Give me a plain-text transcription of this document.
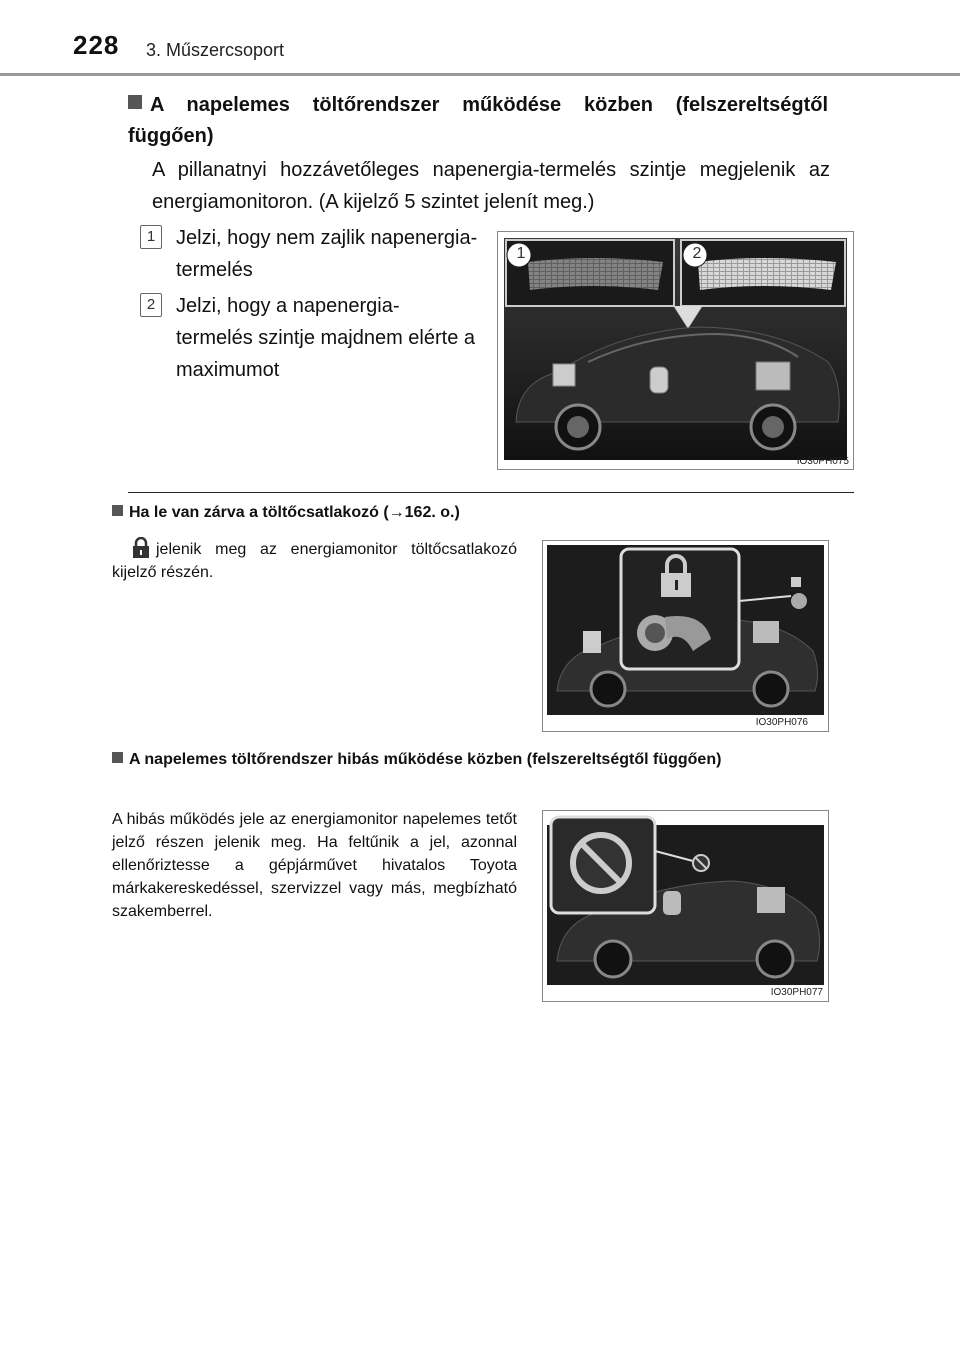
228 3. Műszercsoport
A napelemes töltőrendszer működése közben (felszereltségtől függően)
A pillanatnyi hozzávetőleges napenergia-termelés szintje megjelenik az energiamonitoron. (A kijelző 5 szintet jelenít meg.)
1	Jelzi, hogy nem zajlik napenergia-termelés
2	Jelzi, hogy a napenergia-termelés szintje majdnem elérte a maximumot
1	2
IO30PH075
Ha le van zárva a töltőcsatlakozó (→162. o.)
jelenik meg az energiamonitor töltőcsatlakozó kijelző részén.
IO30PH076
A napelemes töltőrendszer hibás működése közben (felszereltségtől függően)
A hibás működés jele az energiamonitor napelemes tetőt jelző részen jelenik meg. Ha feltűnik a jel, azonnal ellenőriztesse a gépjárművet hivatalos Toyota márkakereskedéssel, szervizzel vagy más, megbízható szakemberrel.
IO30PH077
